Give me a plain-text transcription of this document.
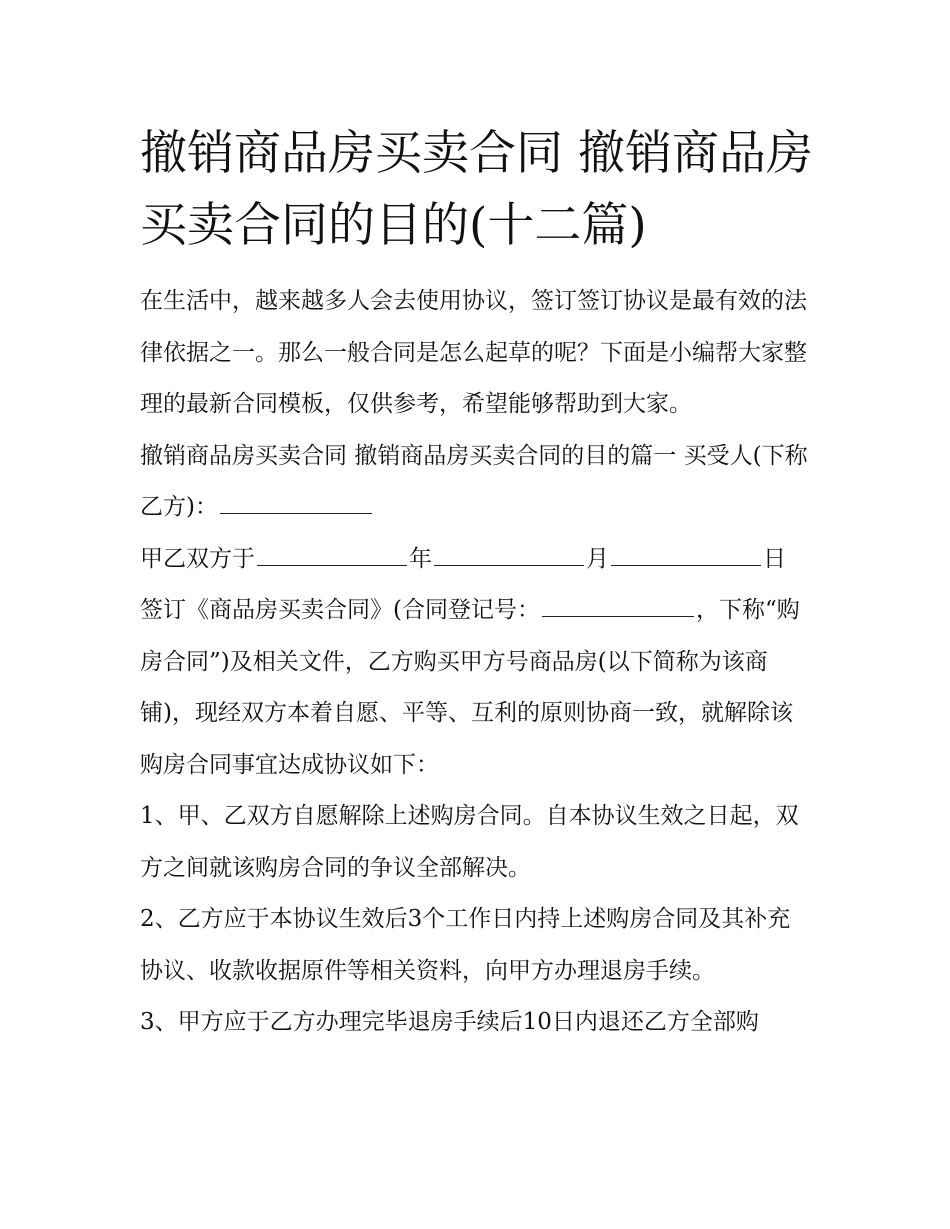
撤销商品房买卖合同 撤销商品房买卖合同的目的(十二篇)

在生活中，越来越多人会去使用协议，签订签订协议是最有效的法律依据之一。那么一般合同是怎么起草的呢？下面是小编帮大家整理的最新合同模板，仅供参考，希望能够帮助到大家。

撤销商品房买卖合同 撤销商品房买卖合同的目的篇一 买受人(下称乙方)：

甲乙双方于	年	月	日

签订《商品房买卖合同》(合同登记号：	，下称“购房合同”)及相关文件，乙方购买甲方号商品房(以下简称为该商铺)，现经双方本着自愿、平等、互利的原则协商一致，就解除该购房合同事宜达成协议如下：

1、甲、乙双方自愿解除上述购房合同。自本协议生效之日起，双方之间就该购房合同的争议全部解决。

2、乙方应于本协议生效后3个工作日内持上述购房合同及其补充协议、收款收据原件等相关资料，向甲方办理退房手续。

3、甲方应于乙方办理完毕退房手续后10日内退还乙方全部购
